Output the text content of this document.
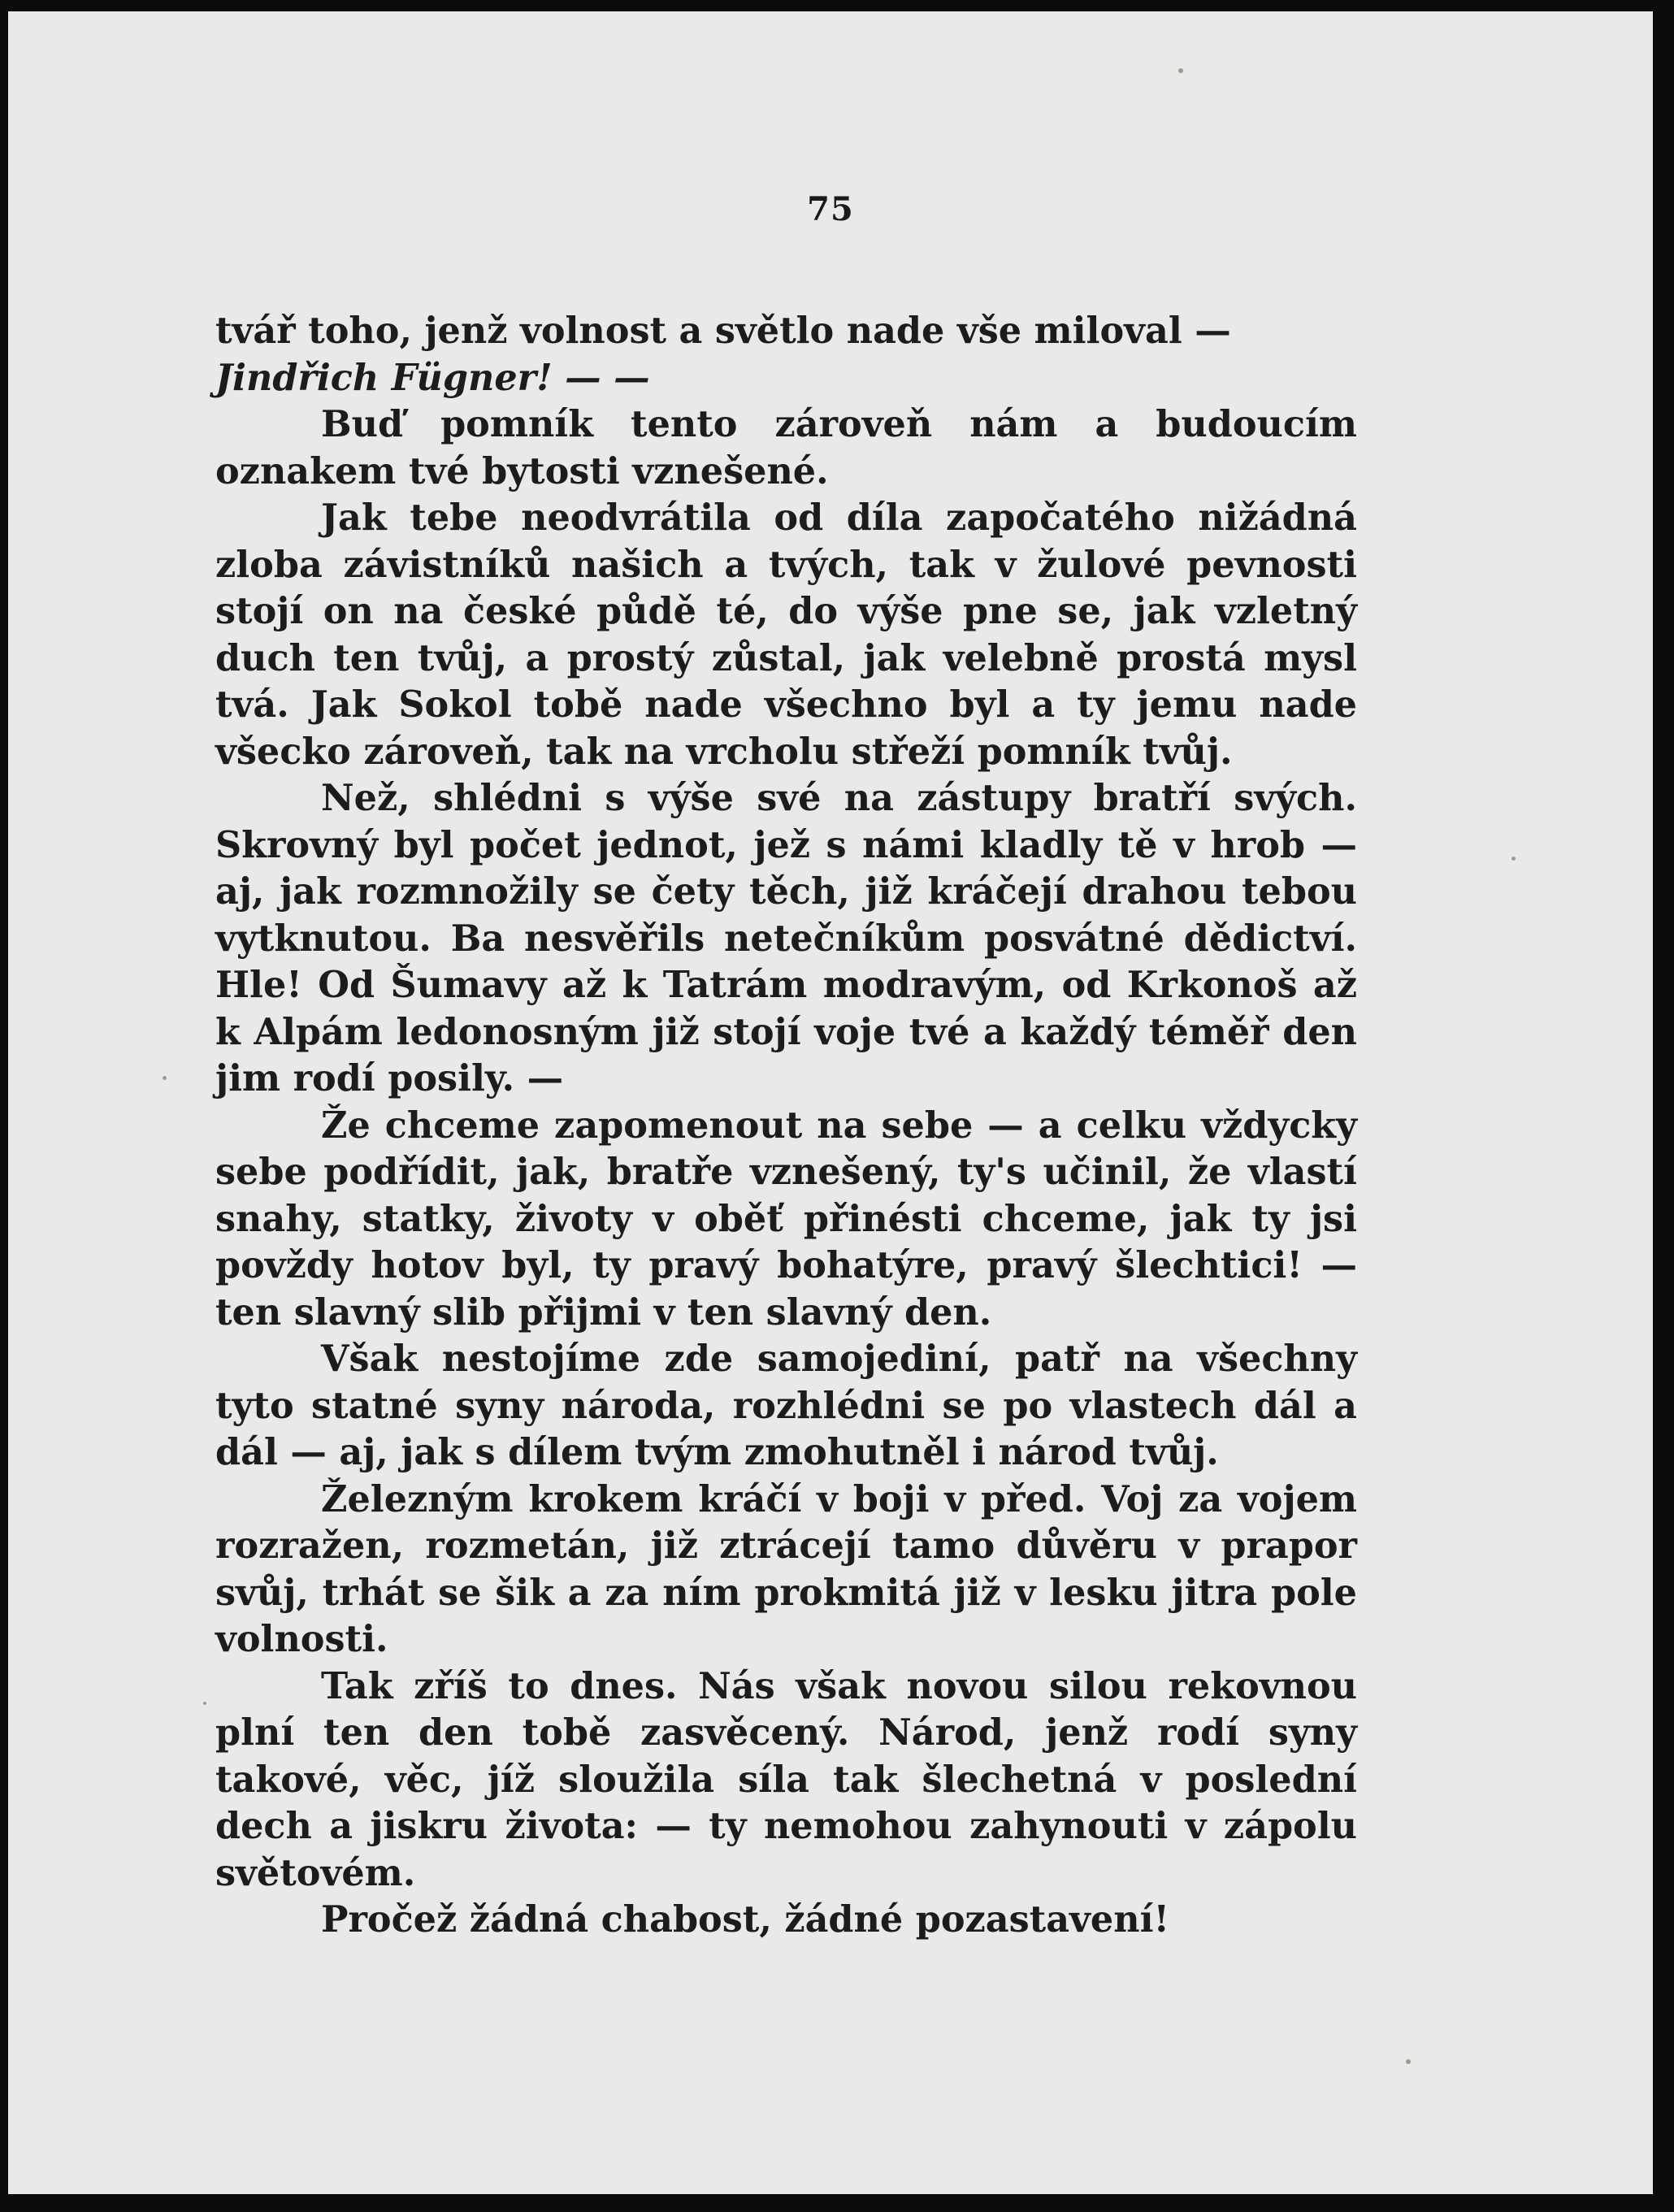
75

tvář toho, jenž volnost a světlo nade vše miloval —
Jindřich Fügner! — —

Buď pomník tento zároveň nám a budoucím oznakem tvé bytosti vznešené.

Jak tebe neodvrátila od díla započatého nižádná zloba závistníků našich a tvých, tak v žulové pevnosti stojí on na české půdě té, do výše pne se, jak vzletný duch ten tvůj, a prostý zůstal, jak velebně prostá mysl tvá. Jak Sokol tobě nade všechno byl a ty jemu nade všecko zároveň, tak na vrcholu střeží pomník tvůj.

Než, shlédni s výše své na zástupy bratří svých. Skrovný byl počet jednot, jež s námi kladly tě v hrob — aj, jak rozmnožily se čety těch, již kráčejí drahou tebou vytknutou. Ba nesvěřils netečníkům posvátné dědictví. Hle! Od Šumavy až k Tatrám modravým, od Krkonoš až k Alpám ledonosným již stojí voje tvé a každý téměř den jim rodí posily. —

Že chceme zapomenout na sebe — a celku vždycky sebe podřídit, jak, bratře vznešený, ty's učinil, že vlastí snahy, statky, životy v oběť přinésti chceme, jak ty jsi povždy hotov byl, ty pravý bohatýre, pravý šlechtici! — ten slavný slib přijmi v ten slavný den.

Však nestojíme zde samojediní, patř na všechny tyto statné syny národa, rozhlédni se po vlastech dál a dál — aj, jak s dílem tvým zmohutněl i národ tvůj.

Železným krokem kráčí v boji v před. Voj za vojem rozražen, rozmetán, již ztrácejí tamo důvěru v prapor svůj, trhát se šik a za ním prokmitá již v lesku jitra pole volnosti.

Tak zříš to dnes. Nás však novou silou rekovnou plní ten den tobě zasvěcený. Národ, jenž rodí syny takové, věc, jíž sloužila síla tak šlechetná v poslední dech a jiskru života: — ty nemohou zahynouti v zápolu světovém.

Pročež žádná chabost, žádné pozastavení!
